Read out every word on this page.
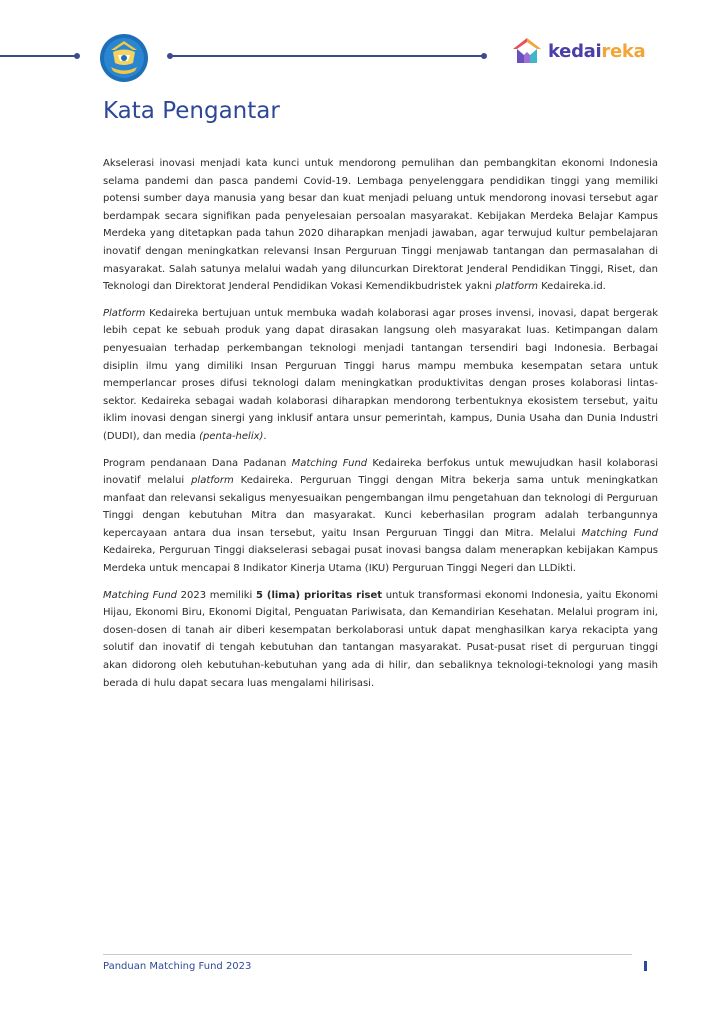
kedaireka
Kata Pengantar

Akselerasi inovasi menjadi kata kunci untuk mendorong pemulihan dan pembangkitan ekonomi Indonesia selama pandemi dan pasca pandemi Covid-19. Lembaga penyelenggara pendidikan tinggi yang memiliki potensi sumber daya manusia yang besar dan kuat menjadi peluang untuk mendorong inovasi tersebut agar berdampak secara signifikan pada penyelesaian persoalan masyarakat. Kebijakan Merdeka Belajar Kampus Merdeka yang ditetapkan pada tahun 2020 diharapkan menjadi jawaban, agar terwujud kultur pembelajaran inovatif dengan meningkatkan relevansi Insan Perguruan Tinggi menjawab tantangan dan permasalahan di masyarakat. Salah satunya melalui wadah yang diluncurkan Direktorat Jenderal Pendidikan Tinggi, Riset, dan Teknologi dan Direktorat Jenderal Pendidikan Vokasi Kemendikbudristek yakni platform Kedaireka.id.

Platform Kedaireka bertujuan untuk membuka wadah kolaborasi agar proses invensi, inovasi, dapat bergerak lebih cepat ke sebuah produk yang dapat dirasakan langsung oleh masyarakat luas. Ketimpangan dalam penyesuaian terhadap perkembangan teknologi menjadi tantangan tersendiri bagi Indonesia. Berbagai disiplin ilmu yang dimiliki Insan Perguruan Tinggi harus mampu membuka kesempatan setara untuk memperlancar proses difusi teknologi dalam meningkatkan produktivitas dengan proses kolaborasi lintas-sektor. Kedaireka sebagai wadah kolaborasi diharapkan mendorong terbentuknya ekosistem tersebut, yaitu iklim inovasi dengan sinergi yang inklusif antara unsur pemerintah, kampus, Dunia Usaha dan Dunia Industri (DUDI), dan media (penta-helix).

Program pendanaan Dana Padanan Matching Fund Kedaireka berfokus untuk mewujudkan hasil kolaborasi inovatif melalui platform Kedaireka. Perguruan Tinggi dengan Mitra bekerja sama untuk meningkatkan manfaat dan relevansi sekaligus menyesuaikan pengembangan ilmu pengetahuan dan teknologi di Perguruan Tinggi dengan kebutuhan Mitra dan masyarakat. Kunci keberhasilan program adalah terbangunnya kepercayaan antara dua insan tersebut, yaitu Insan Perguruan Tinggi dan Mitra. Melalui Matching Fund Kedaireka, Perguruan Tinggi diakselerasi sebagai pusat inovasi bangsa dalam menerapkan kebijakan Kampus Merdeka untuk mencapai 8 Indikator Kinerja Utama (IKU) Perguruan Tinggi Negeri dan LLDikti.

Matching Fund 2023 memiliki 5 (lima) prioritas riset untuk transformasi ekonomi Indonesia, yaitu Ekonomi Hijau, Ekonomi Biru, Ekonomi Digital, Penguatan Pariwisata, dan Kemandirian Kesehatan. Melalui program ini, dosen-dosen di tanah air diberi kesempatan berkolaborasi untuk dapat menghasilkan karya rekacipta yang solutif dan inovatif di tengah kebutuhan dan tantangan masyarakat. Pusat-pusat riset di perguruan tinggi akan didorong oleh kebutuhan-kebutuhan yang ada di hilir, dan sebaliknya teknologi-teknologi yang masih berada di hulu dapat secara luas mengalami hilirisasi.

Panduan Matching Fund 2023
